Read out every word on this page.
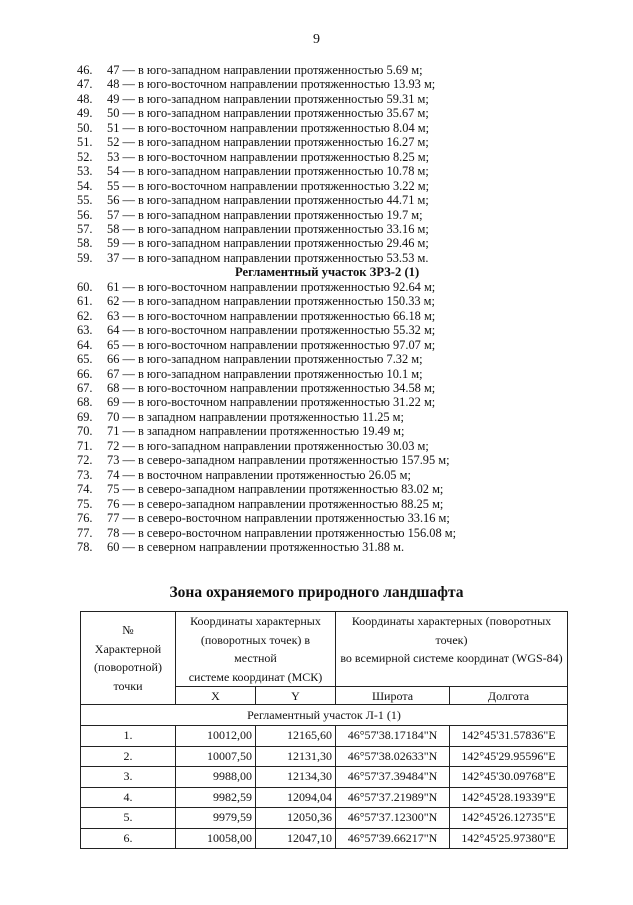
9
46.	47 — в юго-западном направлении протяженностью 5.69 м;
47.	48 — в юго-восточном направлении протяженностью 13.93 м;
48.	49 — в юго-западном направлении протяженностью 59.31 м;
49.	50 — в юго-западном направлении протяженностью 35.67 м;
50.	51 — в юго-восточном направлении протяженностью 8.04 м;
51.	52 — в юго-западном направлении протяженностью 16.27 м;
52.	53 — в юго-восточном направлении протяженностью 8.25 м;
53.	54 — в юго-западном направлении протяженностью 10.78 м;
54.	55 — в юго-восточном направлении протяженностью 3.22 м;
55.	56 — в юго-западном направлении протяженностью 44.71 м;
56.	57 — в юго-западном направлении протяженностью 19.7 м;
57.	58 — в юго-западном направлении протяженностью 33.16 м;
58.	59 — в юго-западном направлении протяженностью 29.46 м;
59.	37 — в юго-западном направлении протяженностью 53.53 м.
Регламентный участок ЗРЗ-2 (1)
60.	61 — в юго-восточном направлении протяженностью 92.64 м;
61.	62 — в юго-западном направлении протяженностью 150.33 м;
62.	63 — в юго-восточном направлении протяженностью 66.18 м;
63.	64 — в юго-восточном направлении протяженностью 55.32 м;
64.	65 — в юго-восточном направлении протяженностью 97.07 м;
65.	66 — в юго-западном направлении протяженностью 7.32 м;
66.	67 — в юго-западном направлении протяженностью 10.1 м;
67.	68 — в юго-восточном направлении протяженностью 34.58 м;
68.	69 — в юго-восточном направлении протяженностью 31.22 м;
69.	70 — в западном направлении протяженностью 11.25 м;
70.	71 — в западном направлении протяженностью 19.49 м;
71.	72 — в юго-западном направлении протяженностью 30.03 м;
72.	73 — в северо-западном направлении протяженностью 157.95 м;
73.	74 — в восточном направлении протяженностью 26.05 м;
74.	75 — в северо-западном направлении протяженностью 83.02 м;
75.	76 — в северо-западном направлении протяженностью 88.25 м;
76.	77 — в северо-восточном направлении протяженностью 33.16 м;
77.	78 — в северо-восточном направлении протяженностью 156.08 м;
78.	60 — в северном направлении протяженностью 31.88 м.
Зона охраняемого природного ландшафта
№
Характерной
(поворотной)
точки	Координаты характерных
(поворотных точек) в местной
системе координат (МСК)		Координаты характерных (поворотных точек)
во всемирной системе координат (WGS-84)	
	X	Y	Широта	Долгота
Регламентный участок Л-1 (1)				
1.	10012,00	12165,60	46°57'38.17184"N	142°45'31.57836"E
2.	10007,50	12131,30	46°57'38.02633"N	142°45'29.95596"E
3.	9988,00	12134,30	46°57'37.39484"N	142°45'30.09768"E
4.	9982,59	12094,04	46°57'37.21989"N	142°45'28.19339"E
5.	9979,59	12050,36	46°57'37.12300"N	142°45'26.12735"E
6.	10058,00	12047,10	46°57'39.66217"N	142°45'25.97380"E
